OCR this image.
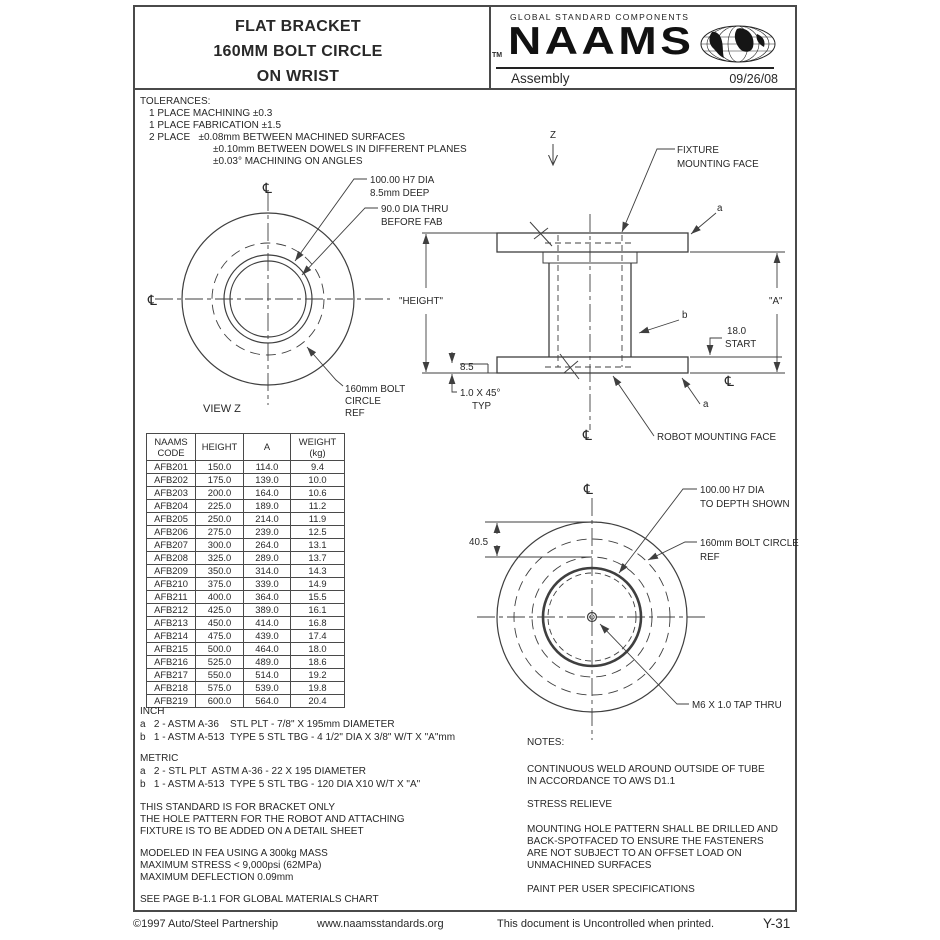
FLAT BRACKET
160MM BOLT CIRCLE
ON WRIST
GLOBAL STANDARD COMPONENTS
TM NAAMS
Assembly	09/26/08
TOLERANCES:
1 PLACE MACHINING ±0.3
1 PLACE FABRICATION ±1.5
2 PLACE   ±0.08mm BETWEEN MACHINED SURFACES
±0.10mm BETWEEN DOWELS IN DIFFERENT PLANES
±0.03° MACHINING ON ANGLES
℄
℄
100.00 H7 DIA
8.5mm DEEP
90.0 DIA THRU
BEFORE FAB
160mm BOLT
CIRCLE
REF
VIEW Z
Z
FIXTURE
MOUNTING FACE
a
"HEIGHT"	"A"
b
18.0
START
8.5
1.0 X 45°
TYP	a
ROBOT MOUNTING FACE
℄
℄
℄
40.5
100.00 H7 DIA
TO DEPTH SHOWN
160mm BOLT CIRCLE
REF
M6 X 1.0 TAP THRU
NAAMS
CODE	HEIGHT	A	WEIGHT
(kg)
AFB201	150.0	114.0	9.4
AFB202	175.0	139.0	10.0
AFB203	200.0	164.0	10.6
AFB204	225.0	189.0	11.2
AFB205	250.0	214.0	11.9
AFB206	275.0	239.0	12.5
AFB207	300.0	264.0	13.1
AFB208	325.0	289.0	13.7
AFB209	350.0	314.0	14.3
AFB210	375.0	339.0	14.9
AFB211	400.0	364.0	15.5
AFB212	425.0	389.0	16.1
AFB213	450.0	414.0	16.8
AFB214	475.0	439.0	17.4
AFB215	500.0	464.0	18.0
AFB216	525.0	489.0	18.6
AFB217	550.0	514.0	19.2
AFB218	575.0	539.0	19.8
AFB219	600.0	564.0	20.4
INCH
a   2 - ASTM A-36    STL PLT - 7/8" X 195mm DIAMETER
b   1 - ASTM A-513  TYPE 5 STL TBG - 4 1/2" DIA X 3/8" W/T X "A"mm
METRIC
a   2 - STL PLT  ASTM A-36 - 22 X 195 DIAMETER
b   1 - ASTM A-513  TYPE 5 STL TBG - 120 DIA X10 W/T X "A"
THIS STANDARD IS FOR BRACKET ONLY
THE HOLE PATTERN FOR THE ROBOT AND ATTACHING
FIXTURE IS TO BE ADDED ON A DETAIL SHEET
MODELED IN FEA USING A 300kg MASS
MAXIMUM STRESS < 9,000psi (62MPa)
MAXIMUM DEFLECTION 0.09mm
SEE PAGE B-1.1 FOR GLOBAL MATERIALS CHART
NOTES:
CONTINUOUS WELD AROUND OUTSIDE OF TUBE
IN ACCORDANCE TO AWS D1.1
STRESS RELIEVE
MOUNTING HOLE PATTERN SHALL BE DRILLED AND
BACK-SPOTFACED TO ENSURE THE FASTENERS
ARE NOT SUBJECT TO AN OFFSET LOAD ON
UNMACHINED SURFACES
PAINT PER USER SPECIFICATIONS
©1997 Auto/Steel Partnership	www.naamsstandards.org	This document is Uncontrolled when printed.	Y-31
